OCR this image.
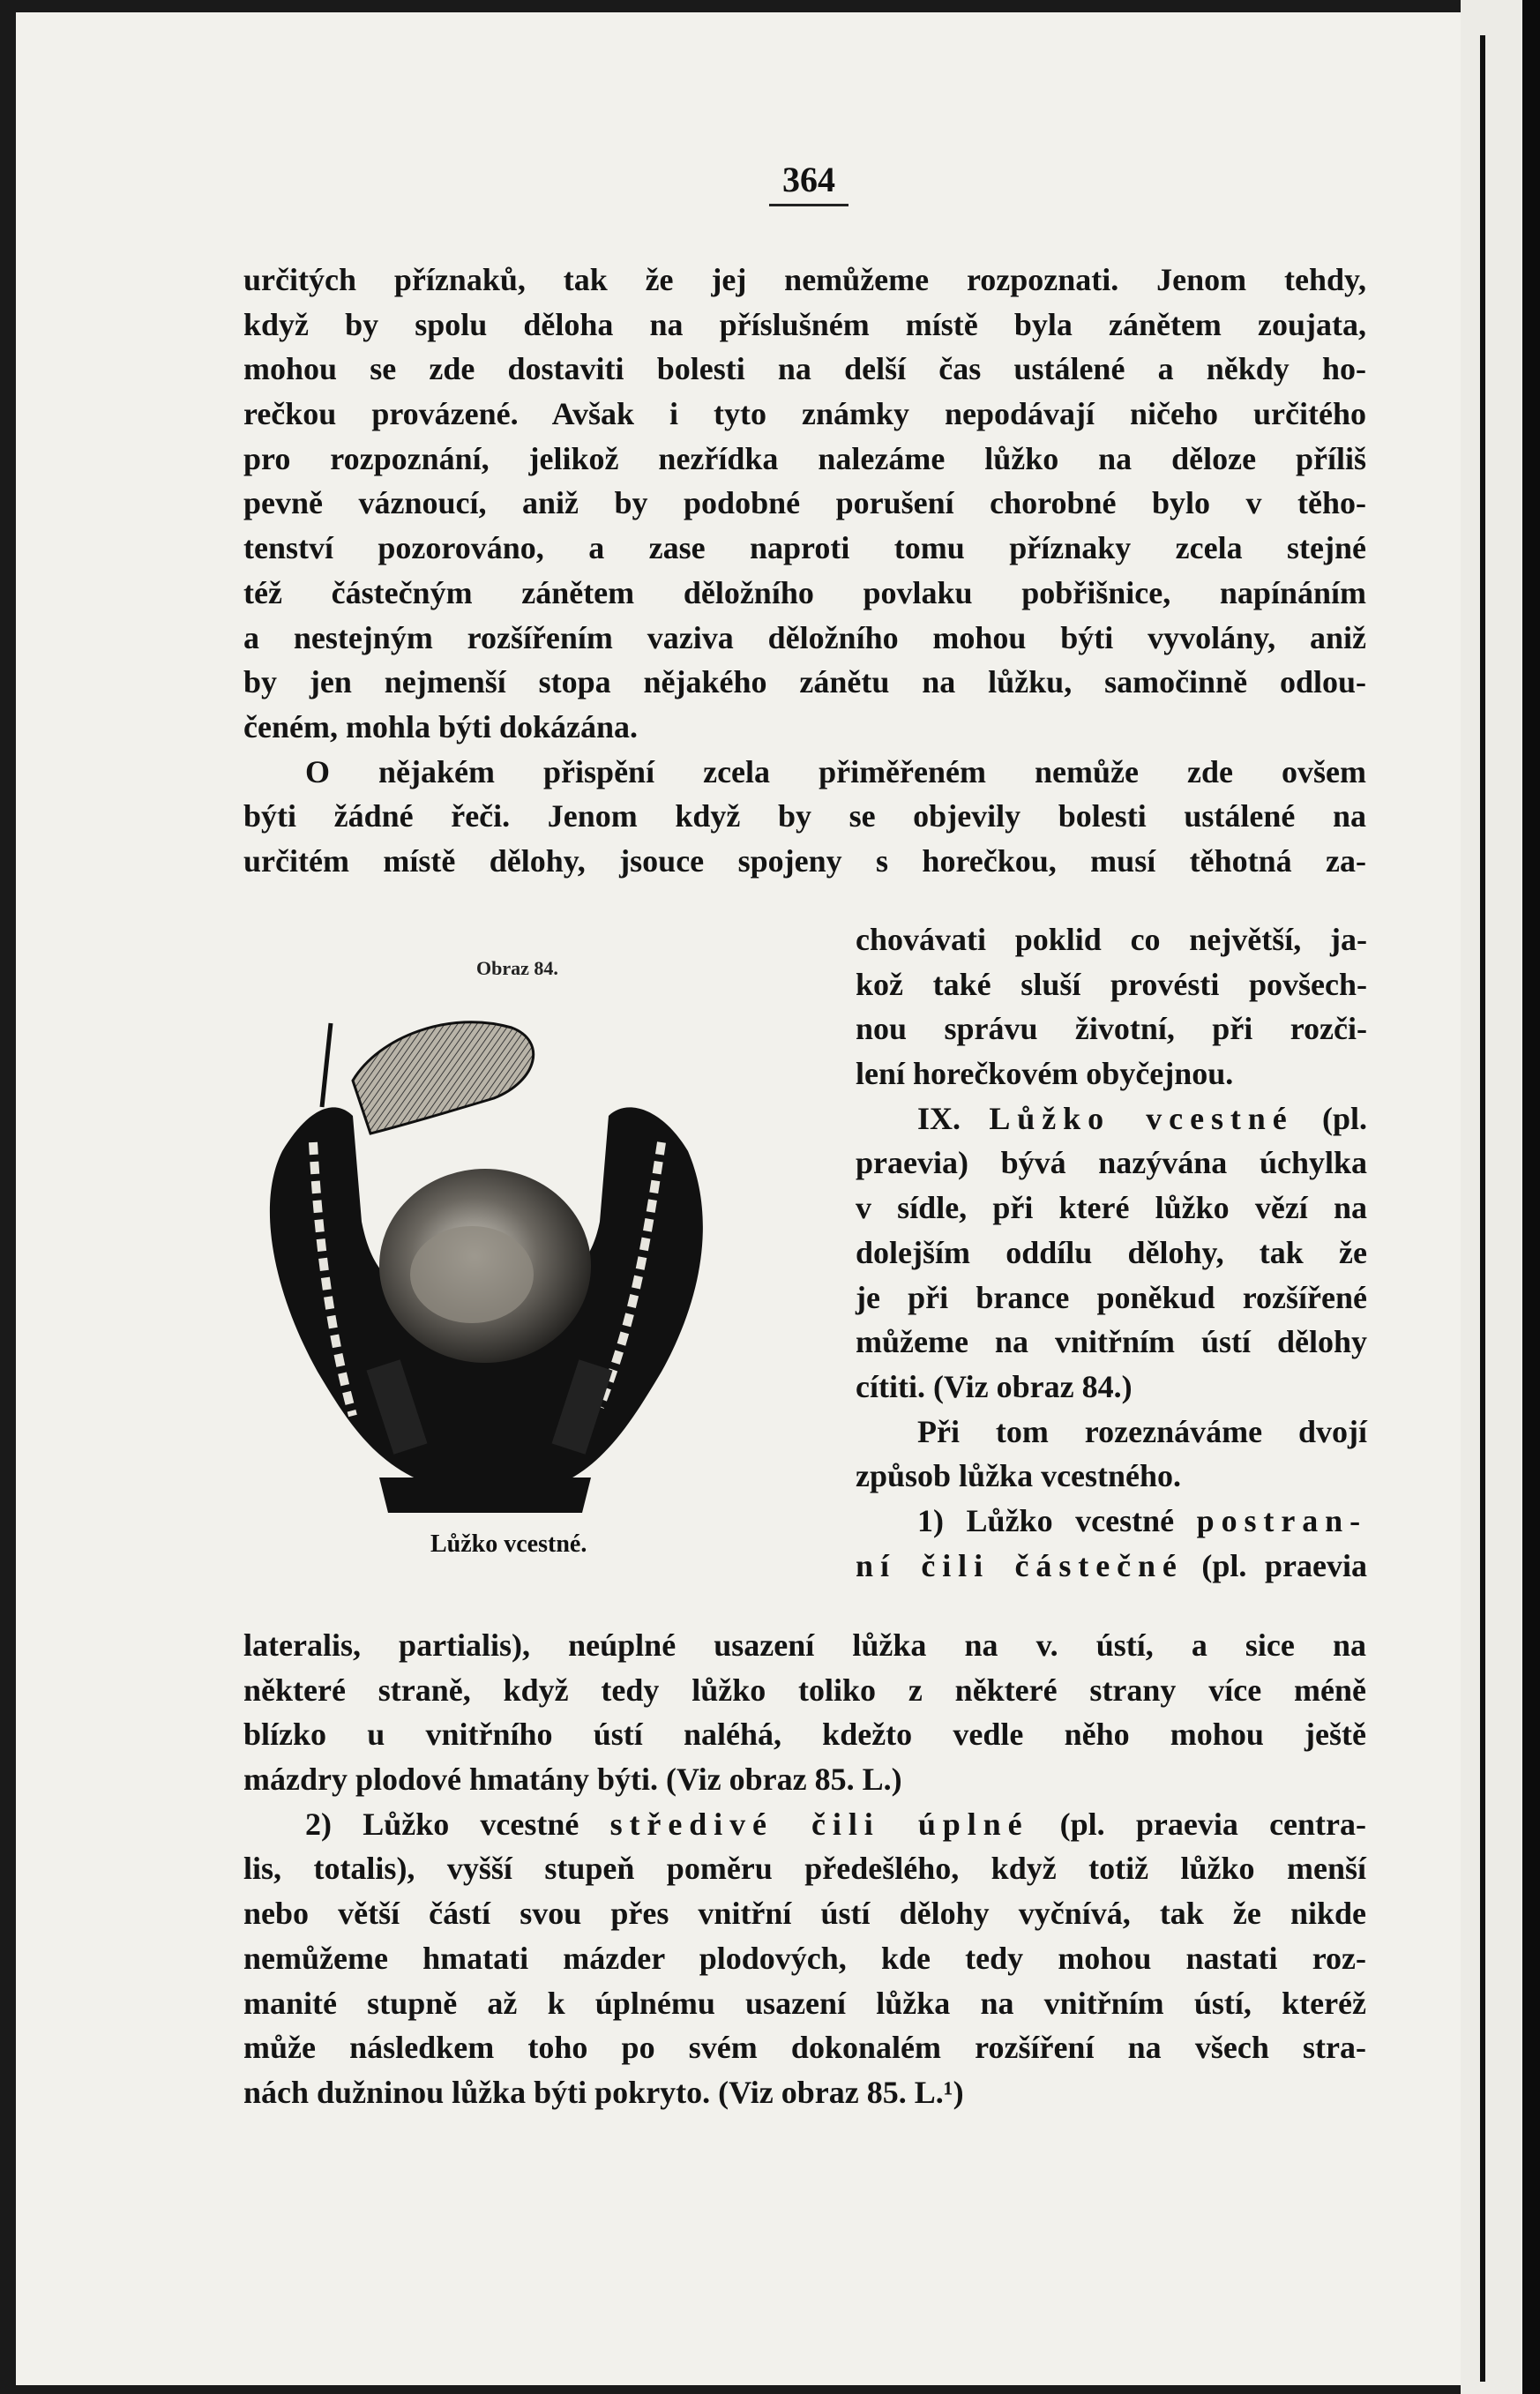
364
určitých příznaků, tak že jej nemůžeme rozpoznati. Jenom tehdy,
když by spolu děloha na příslušném místě byla zánětem zoujata,
mohou se zde dostaviti bolesti na delší čas ustálené a někdy ho-
rečkou provázené. Avšak i tyto známky nepodávají ničeho určitého
pro rozpoznání, jelikož nezřídka nalezáme lůžko na děloze příliš
pevně váznoucí, aniž by podobné porušení chorobné bylo v těho-
tenství pozorováno, a zase naproti tomu příznaky zcela stejné
též částečným zánětem děložního povlaku pobřišnice, napínáním
a nestejným rozšířením vaziva děložního mohou býti vyvolány, aniž
by jen nejmenší stopa nějakého zánětu na lůžku, samočinně odlou-
čeném, mohla býti dokázána.
O nějakém přispění zcela přiměřeném nemůže zde ovšem
býti žádné řeči. Jenom když by se objevily bolesti ustálené na
určitém místě dělohy, jsouce spojeny s horečkou, musí těhotná za-
chovávati poklid co největší, ja-
kož také sluší provésti povšech-
nou správu životní, při rozči-
lení horečkovém obyčejnou.
IX. Lůžko vcestné (pl.
praevia) bývá nazývána úchylka
v sídle, při které lůžko vězí na
dolejším oddílu dělohy, tak že
je při brance poněkud rozšířené
můžeme na vnitřním ústí dělohy
cítiti. (Viz obraz 84.)
Při tom rozeznáváme dvojí
způsob lůžka vcestného.
1) Lůžko vcestné postran-
ní čili částečné (pl. praevia
Obraz 84.
Lůžko vcestné.
lateralis, partialis), neúplné usazení lůžka na v. ústí, a sice na
některé straně, když tedy lůžko toliko z některé strany více méně
blízko u vnitřního ústí naléhá, kdežto vedle něho mohou ještě
mázdry plodové hmatány býti. (Viz obraz 85. L.)
2) Lůžko vcestné středivé čili úplné (pl. praevia centra-
lis, totalis), vyšší stupeň poměru předešlého, když totiž lůžko menší
nebo větší částí svou přes vnitřní ústí dělohy vyčnívá, tak že nikde
nemůžeme hmatati mázder plodových, kde tedy mohou nastati roz-
manité stupně až k úplnému usazení lůžka na vnitřním ústí, kteréž
může následkem toho po svém dokonalém rozšíření na všech stra-
nách dužninou lůžka býti pokryto. (Viz obraz 85. L.¹)
